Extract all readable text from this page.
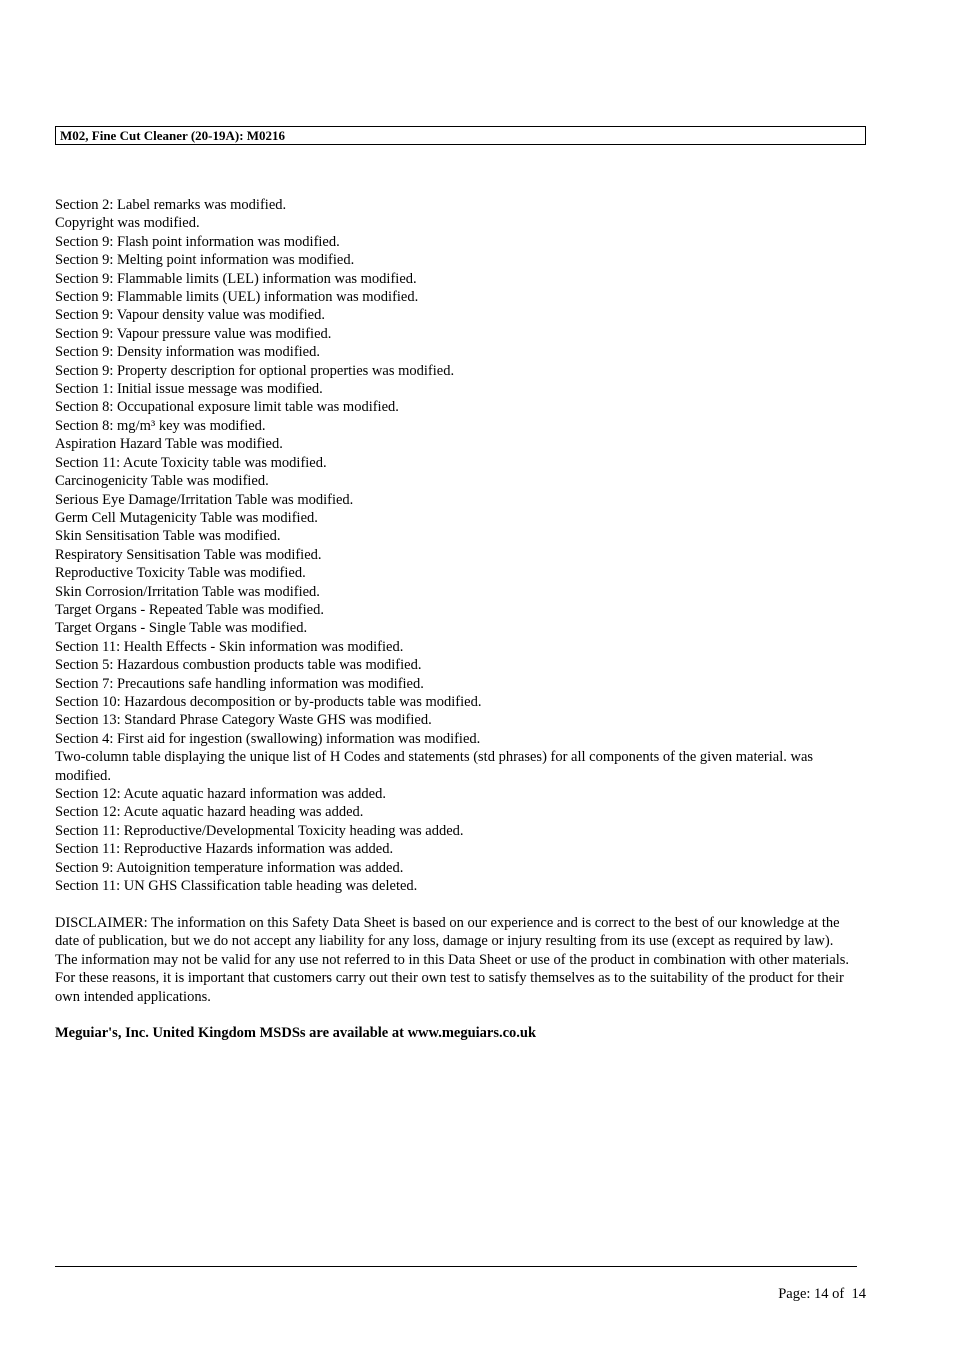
M02, Fine Cut Cleaner (20-19A): M0216
Section 2: Label remarks was modified.
Copyright was modified.
Section 9: Flash point information was modified.
Section 9: Melting point information was modified.
Section 9: Flammable limits (LEL) information was modified.
Section 9: Flammable limits (UEL) information was modified.
Section 9: Vapour density value was modified.
Section 9: Vapour pressure value was modified.
Section 9: Density information was modified.
Section 9: Property description for optional properties was modified.
Section 1: Initial issue message was modified.
Section 8: Occupational exposure limit table was modified.
Section 8: mg/m³ key was modified.
Aspiration Hazard Table was modified.
Section 11: Acute Toxicity table was modified.
Carcinogenicity Table was modified.
Serious Eye Damage/Irritation Table was modified.
Germ Cell Mutagenicity Table was modified.
Skin Sensitisation Table was modified.
Respiratory Sensitisation Table was modified.
Reproductive Toxicity Table was modified.
Skin Corrosion/Irritation Table was modified.
Target Organs - Repeated Table was modified.
Target Organs - Single Table was modified.
Section 11: Health Effects - Skin information was modified.
Section 5: Hazardous combustion products table was modified.
Section 7: Precautions safe handling information was modified.
Section 10: Hazardous decomposition or by-products table was modified.
Section 13: Standard Phrase Category Waste GHS was modified.
Section 4: First aid for ingestion (swallowing) information was modified.
Two-column table displaying the unique list of H Codes and statements (std phrases) for all components of the given material. was modified.
Section 12: Acute aquatic hazard information was added.
Section 12: Acute aquatic hazard heading was added.
Section 11: Reproductive/Developmental Toxicity heading was added.
Section 11: Reproductive Hazards information was added.
Section 9: Autoignition temperature information was added.
Section 11: UN GHS Classification table heading was deleted.

DISCLAIMER: The information on this Safety Data Sheet is based on our experience and is correct to the best of our knowledge at the date of publication, but we do not accept any liability for any loss, damage or injury resulting from its use (except as required by law). The information may not be valid for any use not referred to in this Data Sheet or use of the product in combination with other materials. For these reasons, it is important that customers carry out their own test to satisfy themselves as to the suitability of the product for their own intended applications.

Meguiar's, Inc. United Kingdom MSDSs are available at www.meguiars.co.uk

Page: 14 of  14
